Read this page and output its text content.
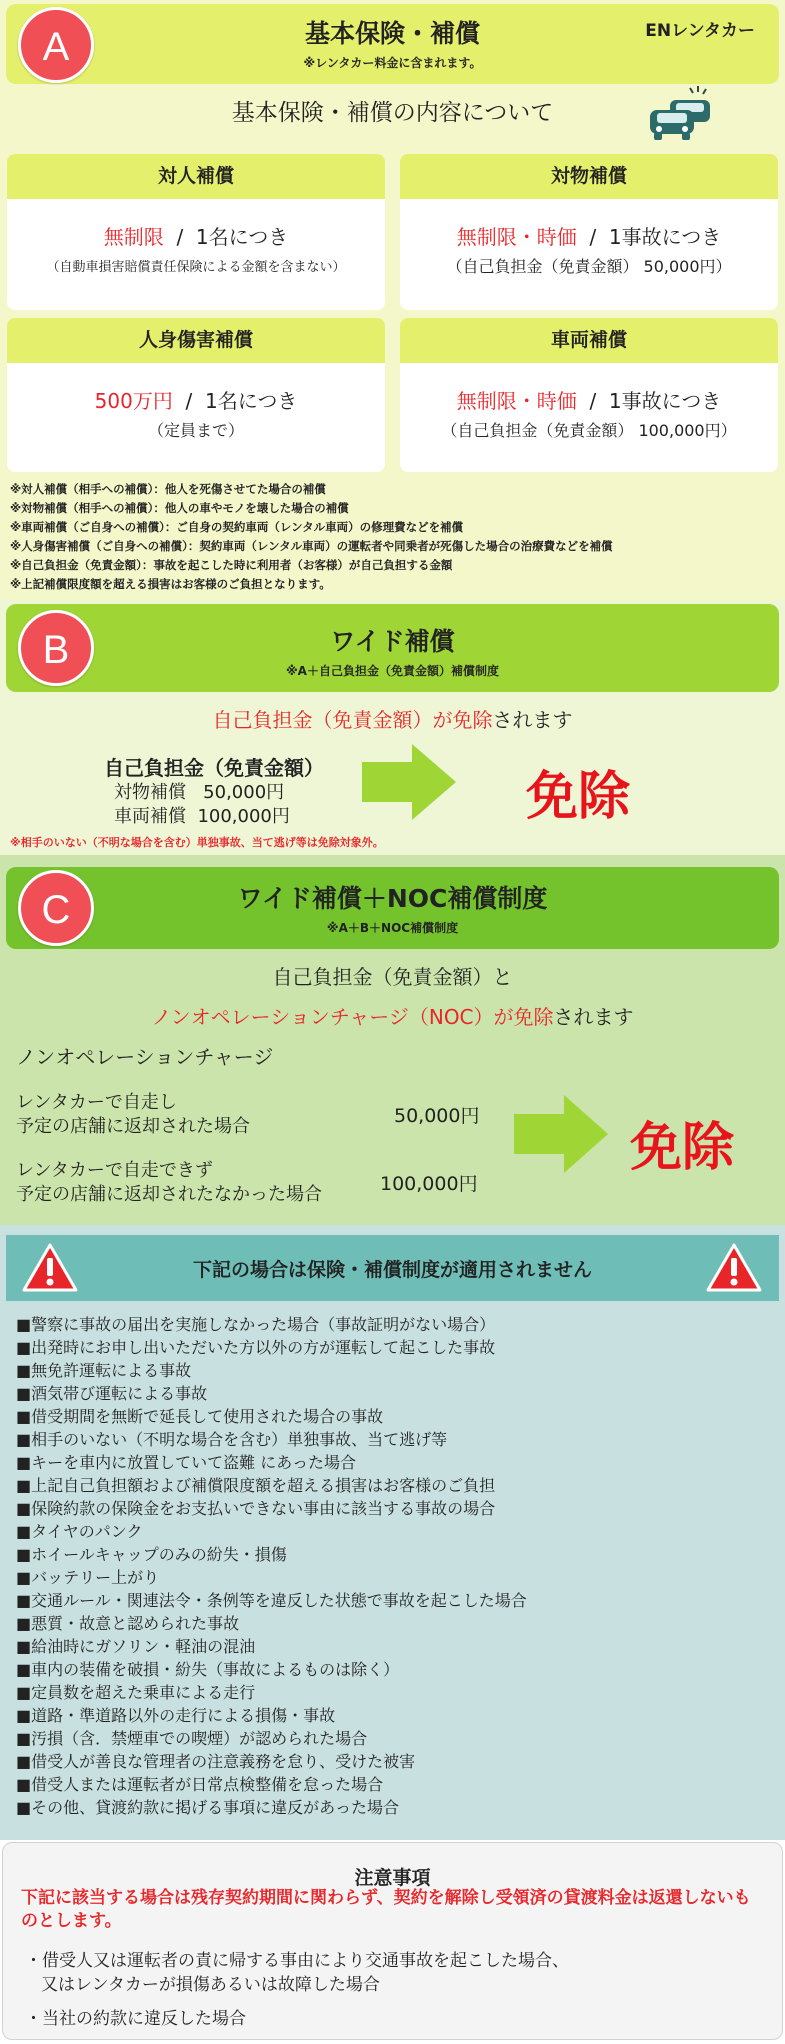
A	基本保険・補償
※レンタカー料金に含まれます。
ENレンタカー
基本保険・補償の内容について
対人補償
無制限  /  1名につき
（自動車損害賠償責任保険による金額を含まない）
対物補償
無制限・時価  /  1事故につき
（自己負担金（免責金額） 50,000円）
人身傷害補償
500万円  /  1名につき
（定員まで）
車両補償
無制限・時価  /  1事故につき
（自己負担金（免責金額） 100,000円）
※対人補償（相手への補償）：他人を死傷させてた場合の補償
※対物補償（相手への補償）：他人の車やモノを壊した場合の補償
※車両補償（ご自身への補償）：ご自身の契約車両（レンタル車両）の修理費などを補償
※人身傷害補償（ご自身への補償）：契約車両（レンタル車両）の運転者や同乗者が死傷した場合の治療費などを補償
※自己負担金（免責金額）：事故を起こした時に利用者（お客様）が自己負担する金額
※上記補償限度額を超える損害はお客様のご負担となります。
B	ワイド補償
※A＋自己負担金（免責金額）補償制度
自己負担金（免責金額）が免除されます
自己負担金（免責金額）
対物補償   50,000円
車両補償  100,000円	免除
※相手のいない（不明な場合を含む）単独事故、当て逃げ等は免除対象外。
C	ワイド補償＋NOC補償制度
※A＋B＋NOC補償制度
自己負担金（免責金額）と
ノンオペレーションチャージ（NOC）が免除されます
ノンオペレーションチャージ
レンタカーで自走し
予定の店舗に返却された場合	50,000円
レンタカーで自走できず
予定の店舗に返却されたなかった場合	100,000円
免除
下記の場合は保険・補償制度が適用されません
■警察に事故の届出を実施しなかった場合（事故証明がない場合）
■出発時にお申し出いただいた方以外の方が運転して起こした事故
■無免許運転による事故
■酒気帯び運転による事故
■借受期間を無断で延長して使用された場合の事故
■相手のいない（不明な場合を含む）単独事故、当て逃げ等
■キーを車内に放置していて盗難 にあった場合
■上記自己負担額および補償限度額を超える損害はお客様のご負担
■保険約款の保険金をお支払いできない事由に該当する事故の場合
■タイヤのパンク
■ホイールキャップのみの紛失・損傷
■バッテリー上がり
■交通ルール・関連法令・条例等を違反した状態で事故を起こした場合
■悪質・故意と認められた事故
■給油時にガソリン・軽油の混油
■車内の装備を破損・紛失（事故によるものは除く）
■定員数を超えた乗車による走行
■道路・準道路以外の走行による損傷・事故
■汚損（含．禁煙車での喫煙）が認められた場合
■借受人が善良な管理者の注意義務を怠り、受けた被害
■借受人または運転者が日常点検整備を怠った場合
■その他、貸渡約款に掲げる事項に違反があった場合
注意事項
下記に該当する場合は残存契約期間に関わらず、契約を解除し受領済の貸渡料金は返還しないものとします。
・借受人又は運転者の責に帰する事由により交通事故を起こした場合、
又はレンタカーが損傷あるいは故障した場合
・当社の約款に違反した場合
